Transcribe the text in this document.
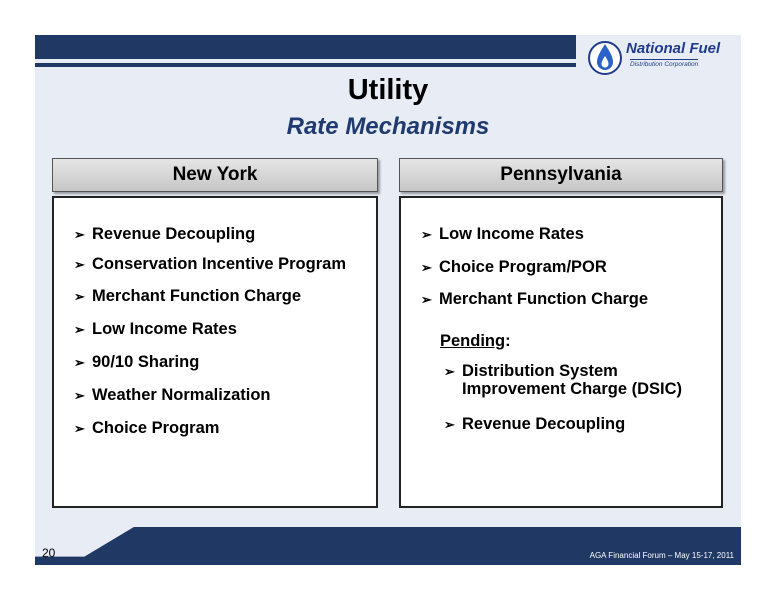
National Fuel
Distribution Corporation
Utility
Rate Mechanisms
New York	Pennsylvania
➢ Revenue Decoupling
➢ Conservation Incentive Program
➢ Merchant Function Charge
➢ Low Income Rates
➢ 90/10 Sharing
➢ Weather Normalization
➢ Choice Program
➢ Low Income Rates
➢ Choice Program/POR
➢ Merchant Function Charge
Pending:
➢ Distribution System
Improvement Charge (DSIC)
➢ Revenue Decoupling
20	AGA Financial Forum – May 15-17, 2011
